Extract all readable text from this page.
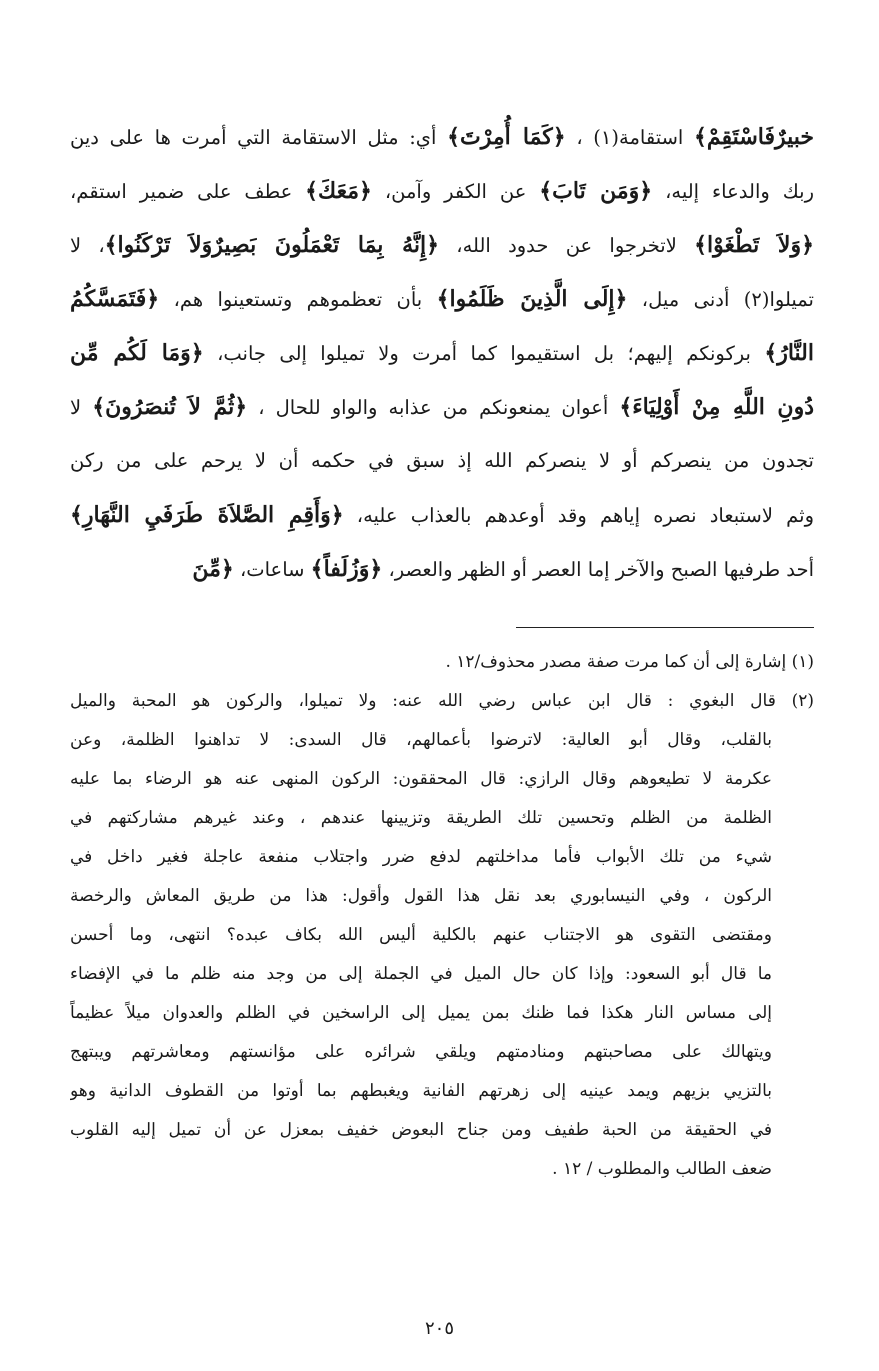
خبيرٌفَاسْتَقِمْ﴾ استقامة(١) ، ﴿كَمَا أُمِرْتَ﴾ أي: مثل الاستقامة التي أمرت ها على دين

ربك والدعاء إليه، ﴿وَمَن تَابَ﴾ عن الكفر وآمن، ﴿مَعَكَ﴾ عطف على ضمير استقم،

﴿وَلاَ تَطْغَوْا﴾ لاتخرجوا عن حدود الله، ﴿إِنَّهُ بِمَا تَعْمَلُونَ بَصِيرٌوَلاَ تَرْكَنُوا﴾، لا

تميلوا(٢) أدنى ميل، ﴿إِلَى الَّذِينَ ظَلَمُوا﴾ بأن تعظموهم وتستعينوا هم، ﴿فَتَمَسَّكُمُ

النَّارُ﴾ بركونكم إليهم؛ بل استقيموا كما أمرت ولا تميلوا إلى جانب، ﴿وَمَا لَكُم مِّن

دُونِ اللَّهِ مِنْ أَوْلِيَاءَ﴾ أعوان يمنعونكم من عذابه والواو للحال ، ﴿ثُمَّ لاَ تُنصَرُونَ﴾ لا

تجدون من ينصركم أو لا ينصركم الله إذ سبق في حكمه أن لا يرحم على من ركن

وثم لاستبعاد نصره إياهم وقد أوعدهم بالعذاب عليه، ﴿وَأَقِمِ الصَّلاَةَ طَرَفَيِ النَّهَارِ﴾

أحد طرفيها الصبح والآخر إما العصر أو الظهر والعصر، ﴿وَزُلَفاً﴾ ساعات، ﴿مِّنَ

(١) إشارة إلى أن كما مرت صفة مصدر محذوف/١٢ .
(٢) قال البغوي : قال ابن عباس رضي الله عنه: ولا تميلوا، والركون هو المحبة والميل
بالقلب، وقال أبو العالية: لاترضوا بأعمالهم، قال السدى: لا تداهنوا الظلمة، وعن
عكرمة لا تطيعوهم وقال الرازي: قال المحققون: الركون المنهى عنه هو الرضاء بما عليه
الظلمة من الظلم وتحسين تلك الطريقة وتزيينها عندهم ، وعند غيرهم مشاركتهم في
شيء من تلك الأبواب فأما مداخلتهم لدفع ضرر واجتلاب منفعة عاجلة فغير داخل في
الركون ، وفي النيسابوري بعد نقل هذا القول وأقول: هذا من طريق المعاش والرخصة
ومقتضى التقوى هو الاجتناب عنهم بالكلية أليس الله بكاف عبده؟ انتهى، وما أحسن
ما قال أبو السعود: وإذا كان حال الميل في الجملة إلى من وجد منه ظلم ما في الإفضاء
إلى مساس النار هكذا فما ظنك بمن يميل إلى الراسخين في الظلم والعدوان ميلاً عظيماً
ويتهالك على مصاحبتهم ومنادمتهم ويلقي شرائره على مؤانستهم ومعاشرتهم ويبتهج
بالتزيي بزيهم ويمد عينيه إلى زهرتهم الفانية ويغبطهم بما أوتوا من القطوف الدانية وهو
في الحقيقة من الحبة طفيف ومن جناح البعوض خفيف بمعزل عن أن تميل إليه القلوب
ضعف الطالب والمطلوب / ١٢ .
٢٠٥
